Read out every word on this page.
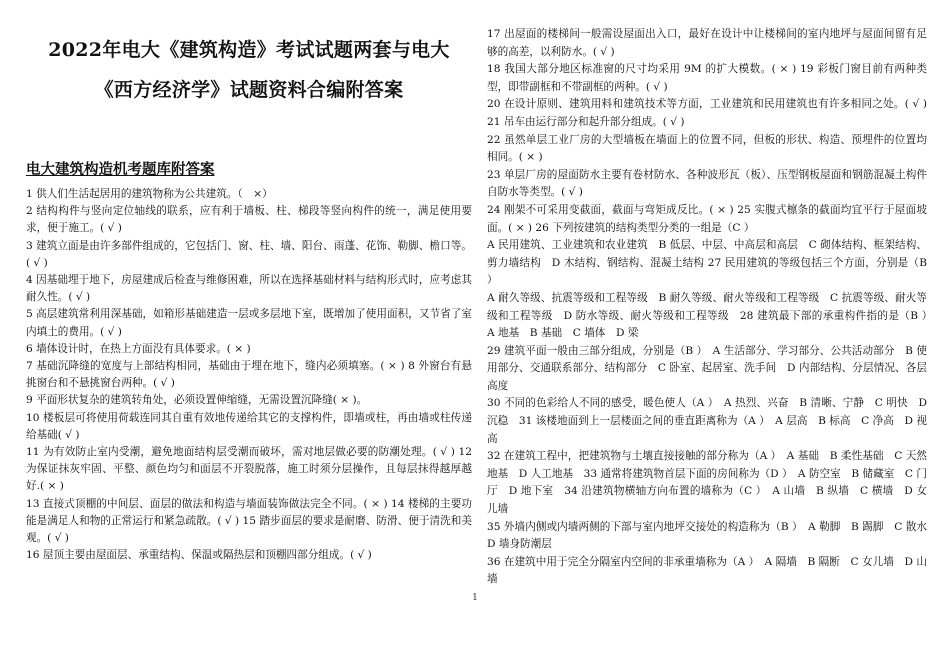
2022年电大《建筑构造》考试试题两套与电大

《西方经济学》试题资料合编附答案

电大建筑构造机考题库附答案

1 供人们生活起居用的建筑物称为公共建筑。（　×）

2 结构构件与竖向定位轴线的联系，应有利于墙板、柱、梯段等竖向构件的统一，满足使用要求，便于施工。( √ )

3 建筑立面是由许多部件组成的，它包括门、窗、柱、墙、阳台、雨蓬、花饰、勒脚、檐口等。( √ )

4 因基础埋于地下，房屋建成后检查与维修困难，所以在选择基础材料与结构形式时，应考虑其耐久性。( √ )

5 高层建筑常利用深基础，如箱形基础建造一层或多层地下室，既增加了使用面积，又节省了室内填土的费用。( √ )

6 墙体设计时，在热上方面没有具体要求。( × )

7 基础沉降缝的宽度与上部结构相同，基础由于埋在地下，缝内必须填塞。( × ) 8 外窗台有悬挑窗台和不悬挑窗台两种。( √ )

9 平面形状复杂的建筑转角处，必须设置伸缩缝，无需设置沉降缝( × )。

10 楼板层可将使用荷载连同其自重有效地传递给其它的支撑构件，即墙或柱，再由墙或柱传递给基础( √ )

11 为有效防止室内受潮，避免地面结构层受潮而破坏，需对地层做必要的防潮处理。( √ ) 12 为保证抹灰牢固、平整、颜色均匀和面层不开裂脱落，施工时须分层操作，且每层抹得越厚越好.( × )

13 直接式顶棚的中间层、面层的做法和构造与墙面装饰做法完全不同。( × ) 14 楼梯的主要功能是满足人和物的正常运行和紧急疏散。( √ ) 15 踏步面层的要求是耐磨、防滑、便于清洗和美观。( √ )

16 屋顶主要由屋面层、承重结构、保温或隔热层和顶棚四部分组成。( √ )

17 出屋面的楼梯间一般需设屋面出入口，最好在设计中让楼梯间的室内地坪与屋面间留有足够的高差，以利防水。( √ )

18 我国大部分地区标准窗的尺寸均采用 9M 的扩大模数。( × ) 19 彩板门窗目前有两种类型，即带副框和不带副框的两种。( √ )

20 在设计原则、建筑用料和建筑技术等方面，工业建筑和民用建筑也有许多相同之处。( √ ) 21 吊车由运行部分和起升部分组成。( √ )

22 虽然单层工业厂房的大型墙板在墙面上的位置不同，但板的形状、构造、预埋件的位置均相同。( × )

23 单层厂房的屋面防水主要有卷材防水、各种波形瓦（板）、压型钢板屋面和钢筋混凝土构件自防水等类型。( √ )

24 刚架不可采用变截面，截面与弯矩成反比。( × ) 25 实腹式檩条的截面均宜平行于屋面坡面。( × ) 26 下列按建筑的结构类型分类的一组是（C ）

A 民用建筑、工业建筑和农业建筑　B 低层、中层、中高层和高层　C 砌体结构、框架结构、剪力墙结构　D 木结构、钢结构、混凝土结构 27 民用建筑的等级包括三个方面，分别是（B ）

A 耐久等级、抗震等级和工程等级　B 耐久等级、耐火等级和工程等级　C 抗震等级、耐火等级和工程等级　D 防水等级、耐火等级和工程等级　28 建筑最下部的承重构件指的是（B ）　A 地基　B 基础　C 墙体　D 梁

29 建筑平面一般由三部分组成，分别是（B ）　A 生活部分、学习部分、公共活动部分　B 使用部分、交通联系部分、结构部分　C 卧室、起居室、洗手间　D 内部结构、分层情况、各层高度

30 不同的色彩给人不同的感受，暖色使人（A ）　A 热烈、兴奋　B 清晰、宁静　C 明快　D 沉稳　31 该楼地面到上一层楼面之间的垂直距离称为（A ）　A 层高　B 标高　C 净高　D 视高

32 在建筑工程中，把建筑物与土壤直接接触的部分称为（A ）　A 基础　B 柔性基础　C 天然地基　D 人工地基　33 通常将建筑物首层下面的房间称为（D ）　A 防空室　B 储藏室　C 门厅　D 地下室　34 沿建筑物横轴方向布置的墙称为（C ）　A 山墙　B 纵墙　C 横墙　D 女儿墙

35 外墙内侧或内墙两侧的下部与室内地坪交接处的构造称为（B ）　A 勒脚　B 踢脚　C 散水　D 墙身防潮层

36 在建筑中用于完全分隔室内空间的非承重墙称为（A ）　A 隔墙　B 隔断　C 女儿墙　D 山墙

1
